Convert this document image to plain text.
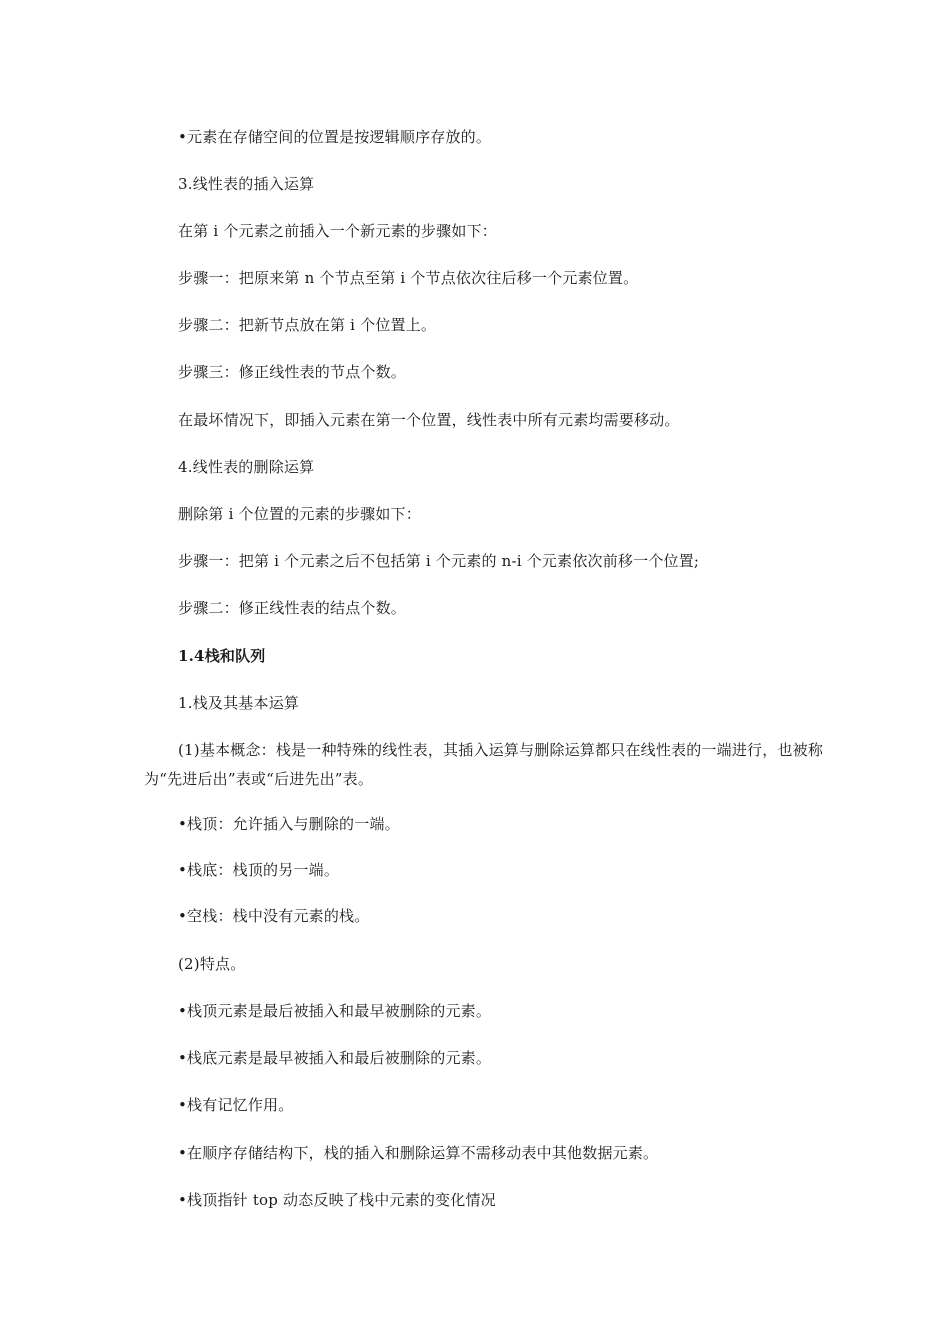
•元素在存储空间的位置是按逻辑顺序存放的。
3.线性表的插入运算
在第 i 个元素之前插入一个新元素的步骤如下：
步骤一：把原来第 n 个节点至第 i 个节点依次往后移一个元素位置。
步骤二：把新节点放在第 i 个位置上。
步骤三：修正线性表的节点个数。
在最坏情况下，即插入元素在第一个位置，线性表中所有元素均需要移动。
4.线性表的删除运算
删除第 i 个位置的元素的步骤如下：
步骤一：把第 i 个元素之后不包括第 i 个元素的 n-i 个元素依次前移一个位置;
步骤二：修正线性表的结点个数。
1.4栈和队列
1.栈及其基本运算
(1)基本概念：栈是一种特殊的线性表，其插入运算与删除运算都只在线性表的一端进行，也被称为“先进后出”表或“后进先出”表。
•栈顶：允许插入与删除的一端。
•栈底：栈顶的另一端。
•空栈：栈中没有元素的栈。
(2)特点。
•栈顶元素是最后被插入和最早被删除的元素。
•栈底元素是最早被插入和最后被删除的元素。
•栈有记忆作用。
•在顺序存储结构下，栈的插入和删除运算不需移动表中其他数据元素。
•栈顶指针 top 动态反映了栈中元素的变化情况
